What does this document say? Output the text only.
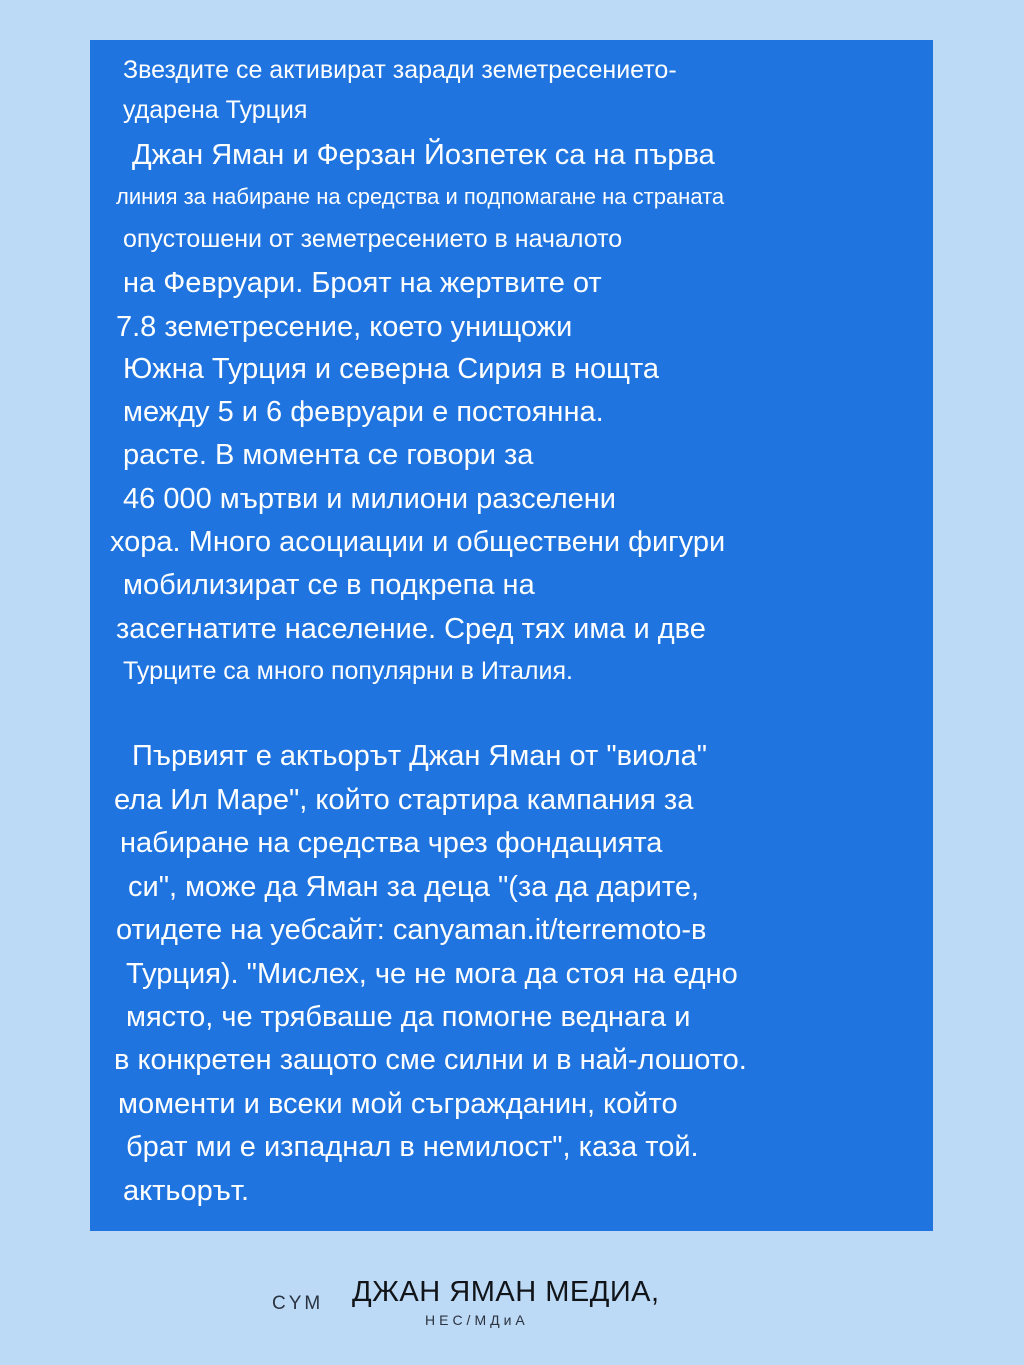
Звездите се активират заради земетресението-
ударена Турция
Джан Яман и Ферзан Йозпетек са на първа
линия за набиране на средства и подпомагане на страната
опустошени от земетресението в началото
на Февруари. Броят на жертвите от
7.8 земетресение, което унищожи
Южна Турция и северна Сирия в нощта
между 5 и 6 февруари е постоянна.
расте. В момента се говори за
46 000 мъртви и милиони разселени
хора. Много асоциации и обществени фигури
мобилизират се в подкрепа на
засегнатите население. Сред тях има и две
Турците са много популярни в Италия.
Първият е актьорът Джан Яман от "виола"
ела Ил Маре", който стартира кампания за
набиране на средства чрез фондацията
си", може да Яман за деца "(за да дарите,
отидете на уебсайт: canyaman.it/terremoto-в
Турция). "Мислех, че не мога да стоя на едно
място, че трябваше да помогне веднага и
в конкретен защото сме силни и в най-лошото.
моменти и всеки мой съгражданин, който
брат ми е изпаднал в немилост", каза той.
актьорът.
CYM ДЖАН ЯМАН МЕДИА,
НЕС/МДиА
